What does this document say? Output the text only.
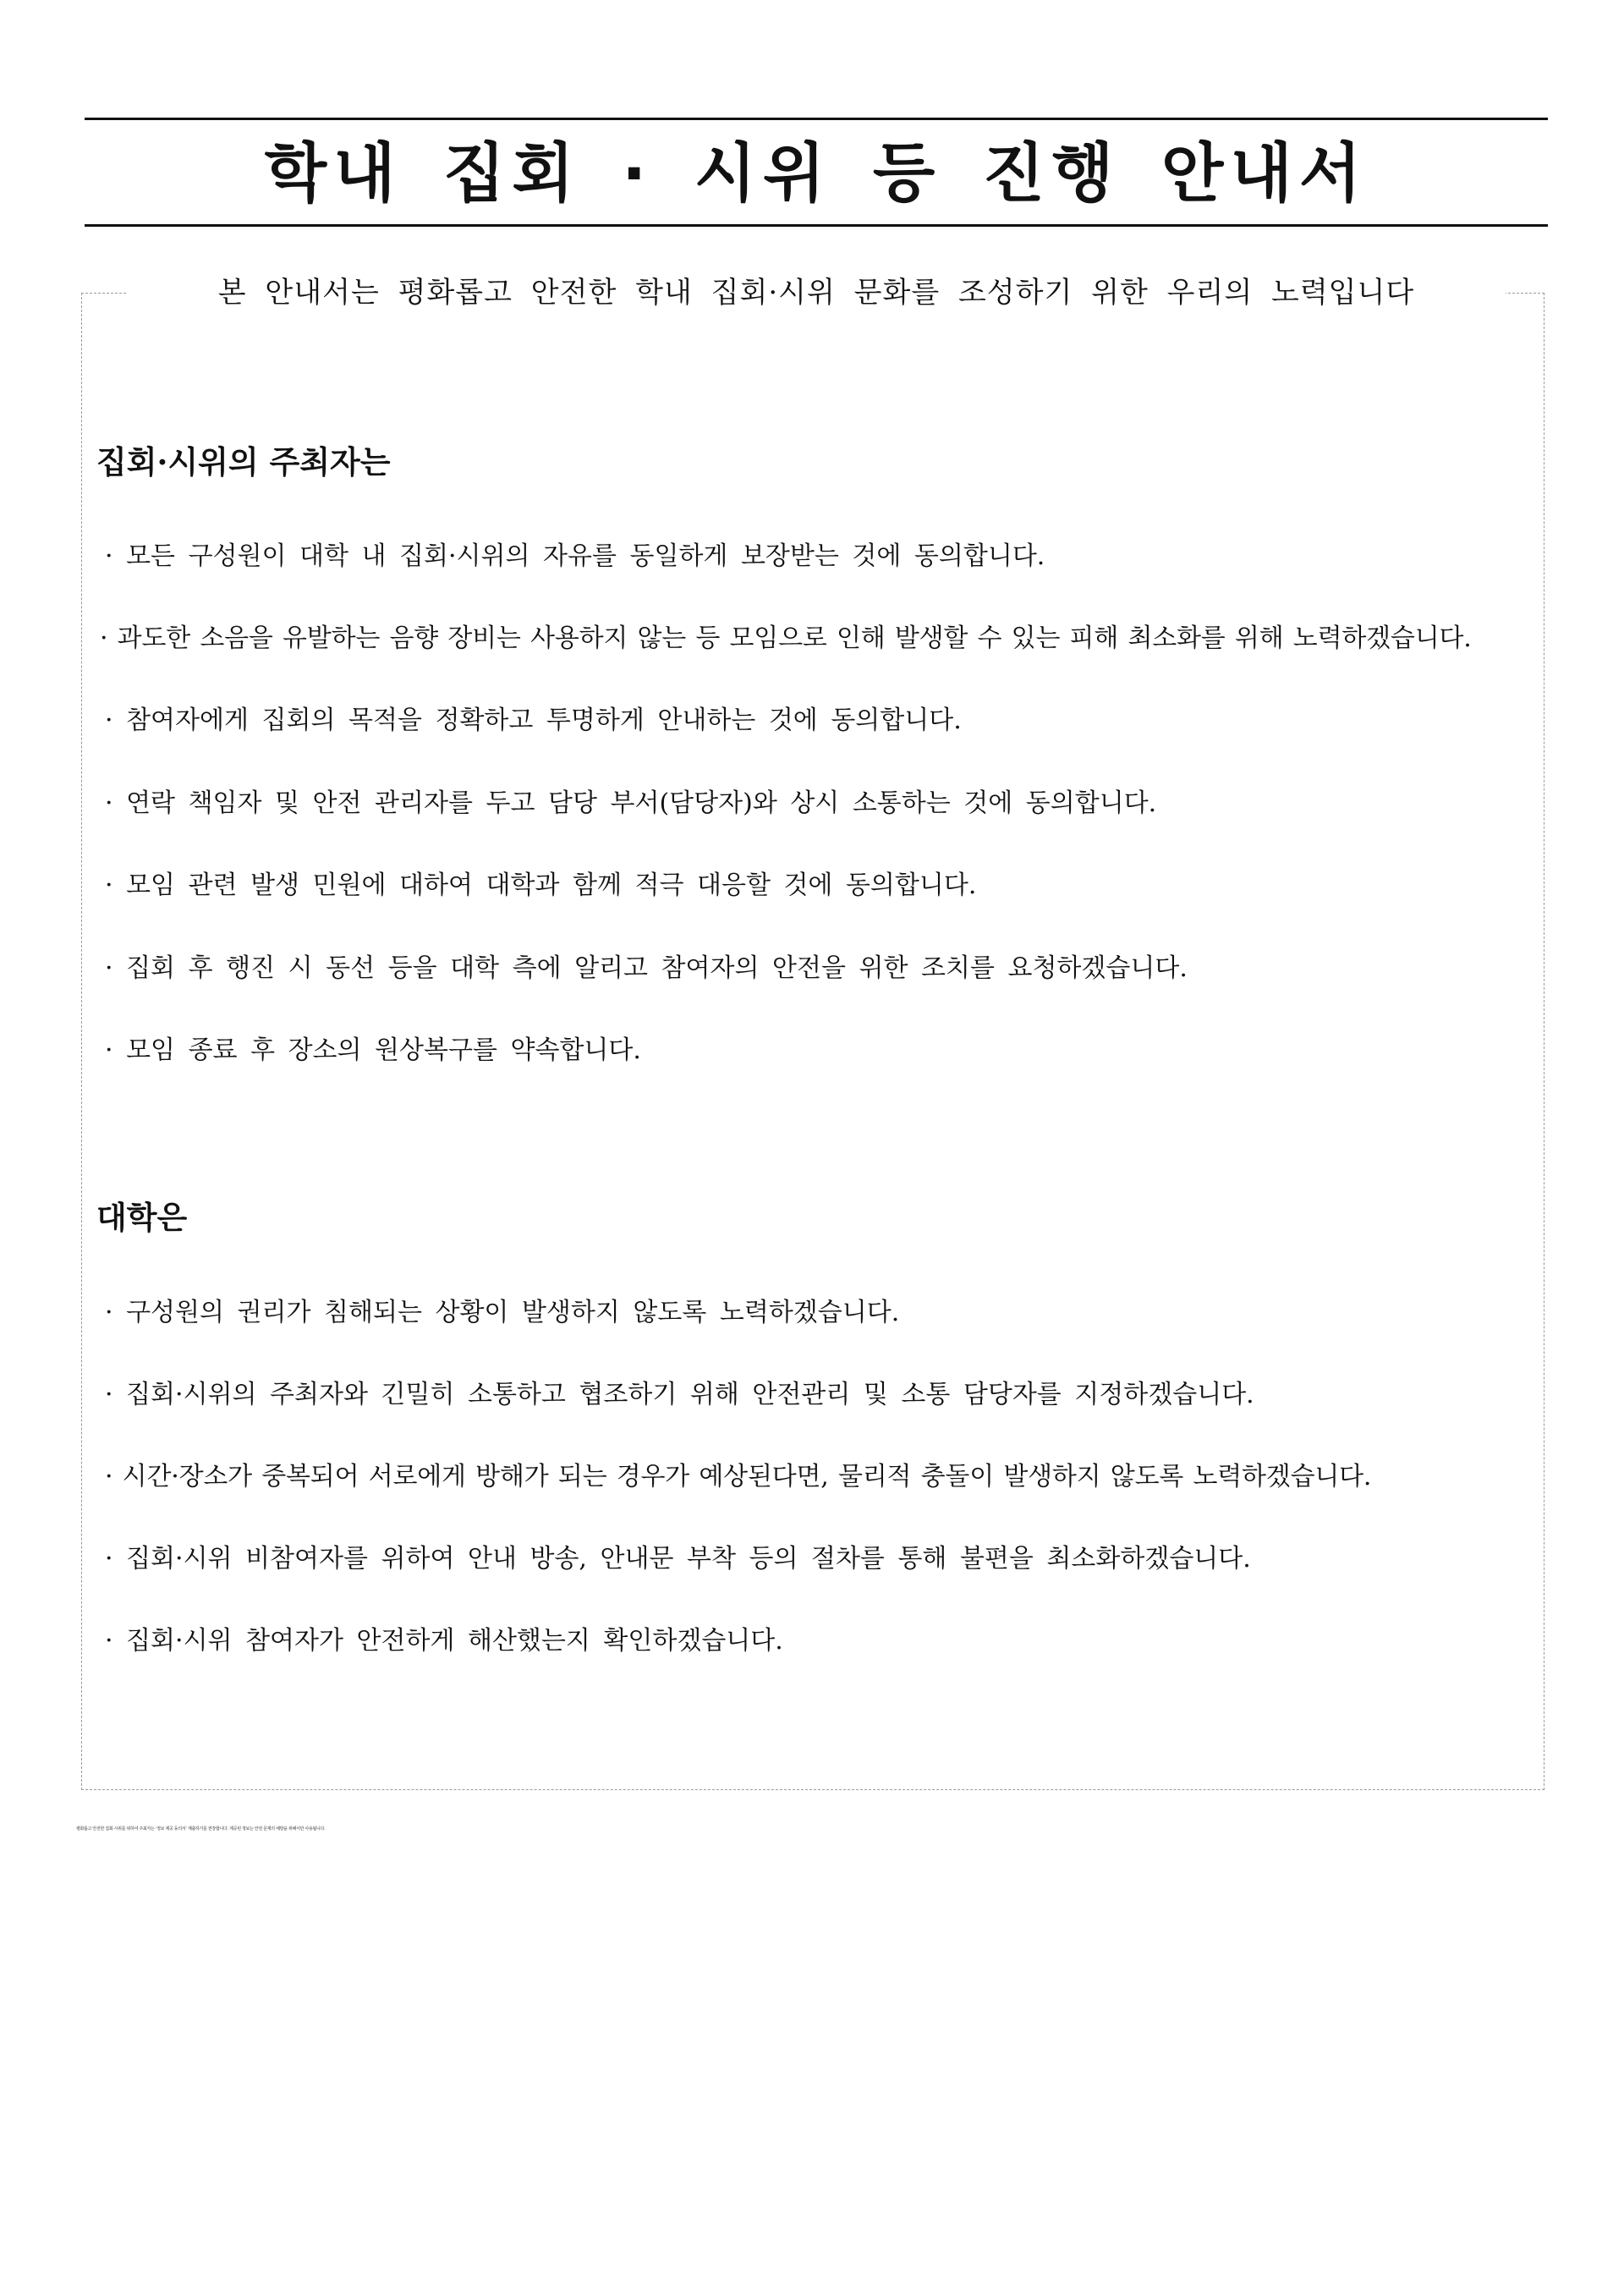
학내 집회 · 시위 등 진행 안내서

본 안내서는 평화롭고 안전한 학내 집회·시위 문화를 조성하기 위한 우리의 노력입니다

집회·시위의 주최자는

· 모든 구성원이 대학 내 집회·시위의 자유를 동일하게 보장받는 것에 동의합니다.

· 과도한 소음을 유발하는 음향 장비는 사용하지 않는 등 모임으로 인해 발생할 수 있는 피해 최소화를 위해 노력하겠습니다.

· 참여자에게 집회의 목적을 정확하고 투명하게 안내하는 것에 동의합니다.

· 연락 책임자 및 안전 관리자를 두고 담당 부서(담당자)와 상시 소통하는 것에 동의합니다.

· 모임 관련 발생 민원에 대하여 대학과 함께 적극 대응할 것에 동의합니다.

· 집회 후 행진 시 동선 등을 대학 측에 알리고 참여자의 안전을 위한 조치를 요청하겠습니다.

· 모임 종료 후 장소의 원상복구를 약속합니다.

대학은

· 구성원의 권리가 침해되는 상황이 발생하지 않도록 노력하겠습니다.

· 집회·시위의 주최자와 긴밀히 소통하고 협조하기 위해 안전관리 및 소통 담당자를 지정하겠습니다.

· 시간·장소가 중복되어 서로에게 방해가 되는 경우가 예상된다면, 물리적 충돌이 발생하지 않도록 노력하겠습니다.

· 집회·시위 비참여자를 위하여 안내 방송, 안내문 부착 등의 절차를 통해 불편을 최소화하겠습니다.

· 집회·시위 참여자가 안전하게 해산했는지 확인하겠습니다.

평화롭고 안전한 집회·시위를 위하여 주최자는 ‘정보 제공 동의서’ 제출하기를 권장합니다. 제공된 정보는 안전 문제의 예방을 위해서만 사용됩니다.
